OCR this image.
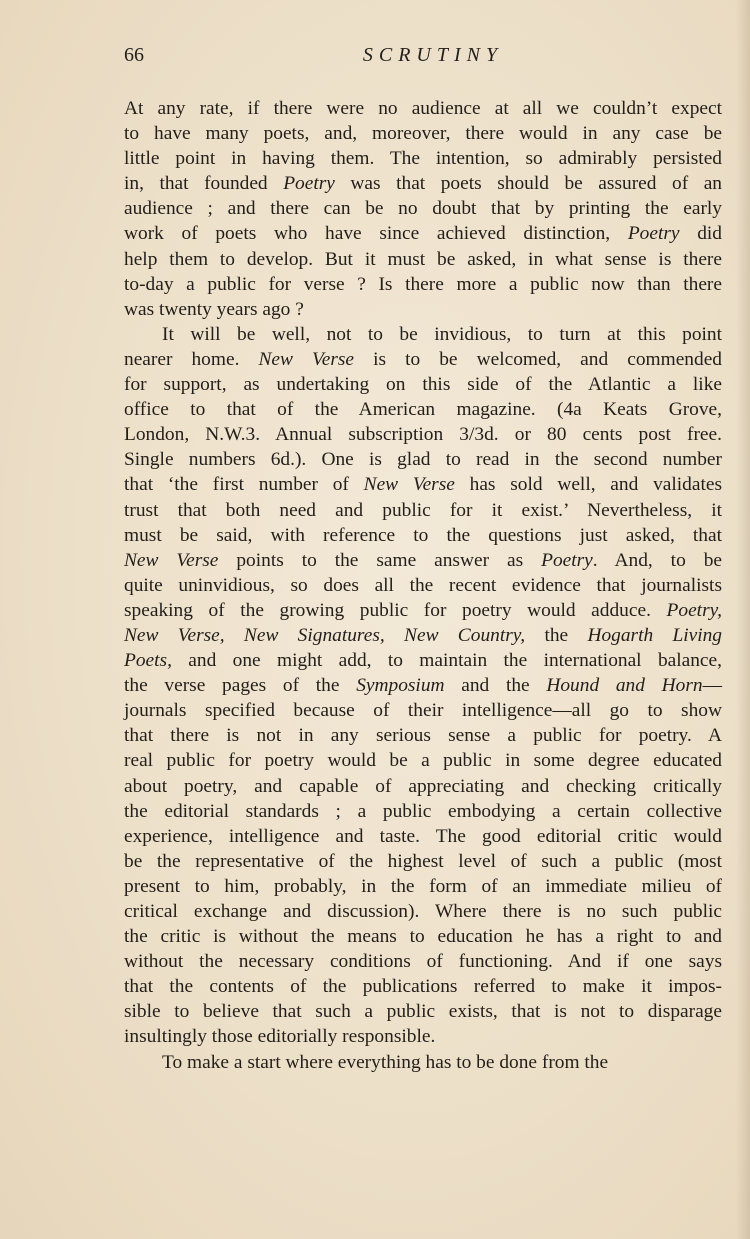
66	SCRUTINY
At any rate, if there were no audience at all we couldn’t expect
to have many poets, and, moreover, there would in any case be
little point in having them. The intention, so admirably persisted
in, that founded Poetry was that poets should be assured of an
audience ; and there can be no doubt that by printing the early
work of poets who have since achieved distinction, Poetry did
help them to develop. But it must be asked, in what sense is there
to-day a public for verse ? Is there more a public now than there
was twenty years ago ?
It will be well, not to be invidious, to turn at this point
nearer home. New Verse is to be welcomed, and commended
for support, as undertaking on this side of the Atlantic a like
office to that of the American magazine. (4a Keats Grove,
London, N.W.3. Annual subscription 3/3d. or 80 cents post free.
Single numbers 6d.). One is glad to read in the second number
that ‘the first number of New Verse has sold well, and validates
trust that both need and public for it exist.’ Nevertheless, it
must be said, with reference to the questions just asked, that
New Verse points to the same answer as Poetry. And, to be
quite uninvidious, so does all the recent evidence that journalists
speaking of the growing public for poetry would adduce. Poetry,
New Verse, New Signatures, New Country, the Hogarth Living
Poets, and one might add, to maintain the international balance,
the verse pages of the Symposium and the Hound and Horn—
journals specified because of their intelligence—all go to show
that there is not in any serious sense a public for poetry. A
real public for poetry would be a public in some degree educated
about poetry, and capable of appreciating and checking critically
the editorial standards ; a public embodying a certain collective
experience, intelligence and taste. The good editorial critic would
be the representative of the highest level of such a public (most
present to him, probably, in the form of an immediate milieu of
critical exchange and discussion). Where there is no such public
the critic is without the means to education he has a right to and
without the necessary conditions of functioning. And if one says
that the contents of the publications referred to make it impos-
sible to believe that such a public exists, that is not to disparage
insultingly those editorially responsible.
To make a start where everything has to be done from the
